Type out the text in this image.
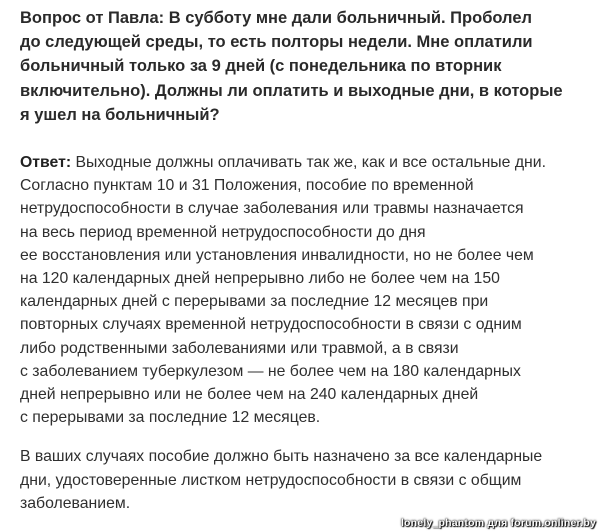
Вопрос от Павла: В субботу мне дали больничный. Проболел

до следующей среды, то есть полторы недели. Мне оплатили

больничный только за 9 дней (с понедельника по вторник

включительно). Должны ли оплатить и выходные дни, в которые

я ушел на больничный?

Ответ: Выходные должны оплачивать так же, как и все остальные дни.

Согласно пунктам 10 и 31 Положения, пособие по временной

нетрудоспособности в случае заболевания или травмы назначается

на весь период временной нетрудоспособности до дня

ее восстановления или установления инвалидности, но не более чем

на 120 календарных дней непрерывно либо не более чем на 150

календарных дней с перерывами за последние 12 месяцев при

повторных случаях временной нетрудоспособности в связи с одним

либо родственными заболеваниями или травмой, а в связи

с заболеванием туберкулезом — не более чем на 180 календарных

дней непрерывно или не более чем на 240 календарных дней

с перерывами за последние 12 месяцев.

В ваших случаях пособие должно быть назначено за все календарные

дни, удостоверенные листком нетрудоспособности в связи с общим

заболеванием.

lonely_phantom для forum.onliner.by
